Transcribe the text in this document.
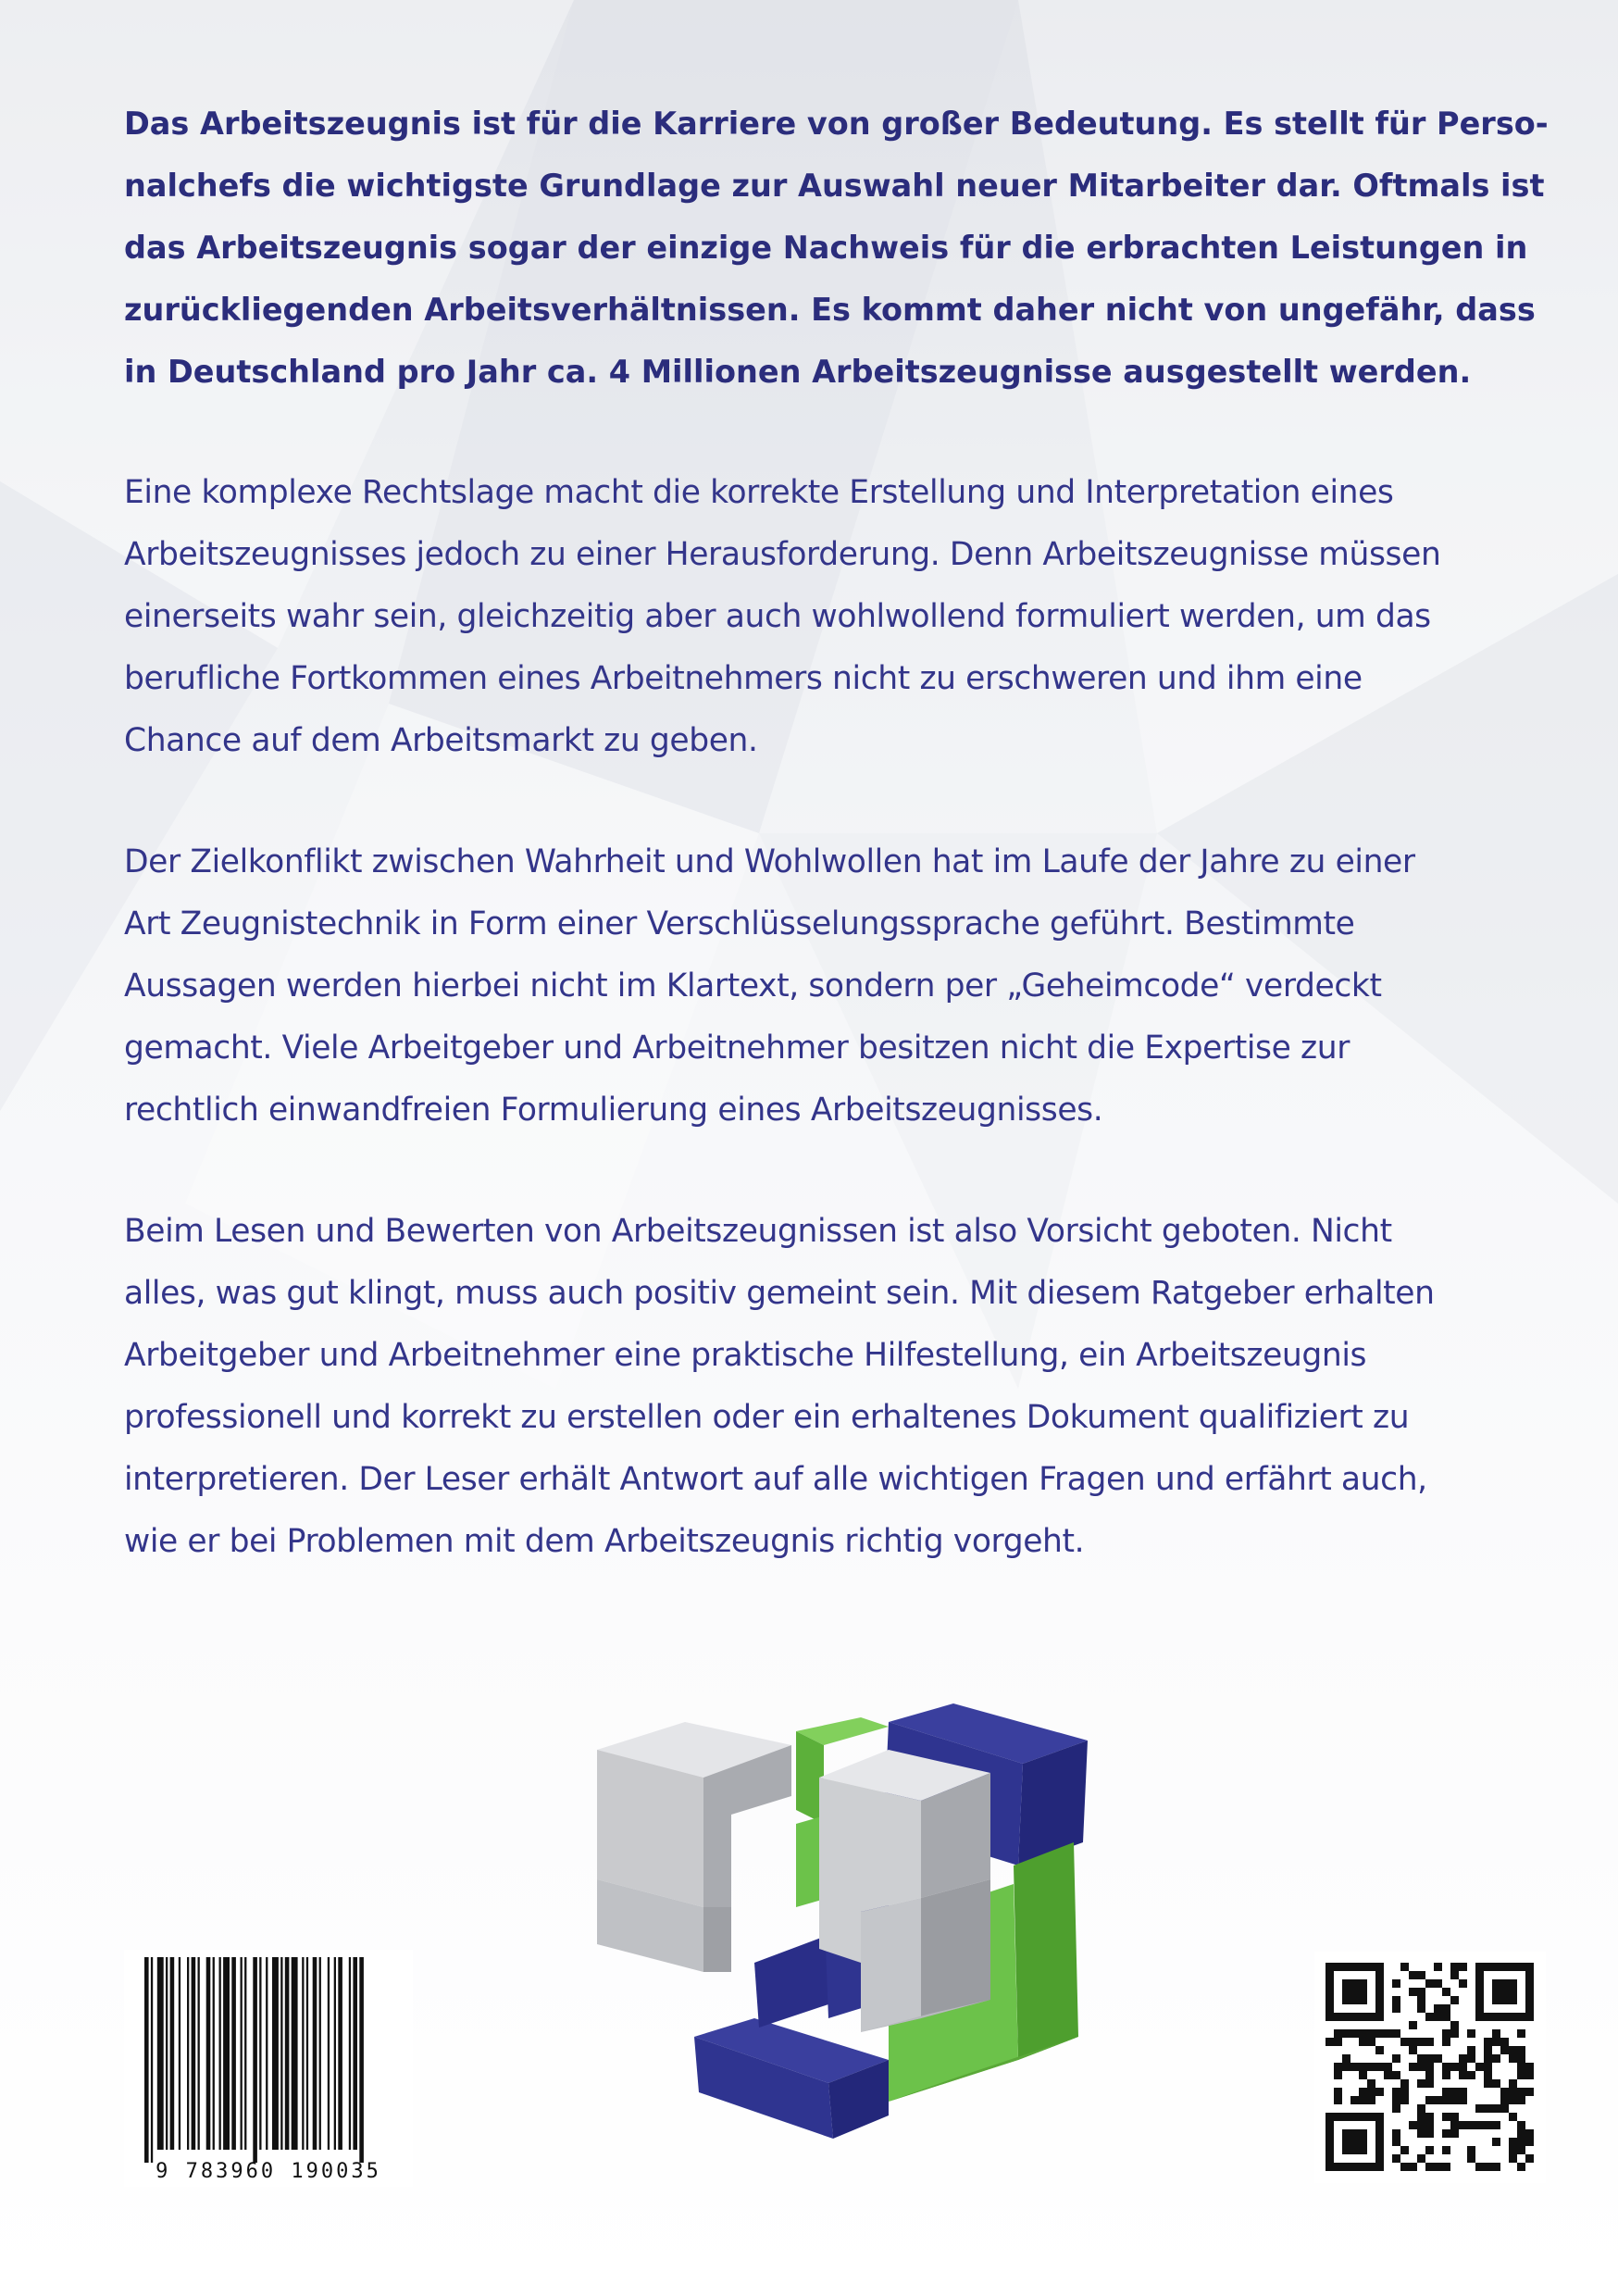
Das Arbeitszeugnis ist für die Karriere von großer Bedeutung. Es stellt für Perso-
nalchefs die wichtigste Grundlage zur Auswahl neuer Mitarbeiter dar. Oftmals ist
das Arbeitszeugnis sogar der einzige Nachweis für die erbrachten Leistungen in
zurückliegenden Arbeitsverhältnissen. Es kommt daher nicht von ungefähr, dass
in Deutschland pro Jahr ca. 4 Millionen Arbeitszeugnisse ausgestellt werden.

Eine komplexe Rechtslage macht die korrekte Erstellung und Interpretation eines
Arbeitszeugnisses jedoch zu einer Herausforderung. Denn Arbeitszeugnisse müssen
einerseits wahr sein, gleichzeitig aber auch wohlwollend formuliert werden, um das
berufliche Fortkommen eines Arbeitnehmers nicht zu erschweren und ihm eine
Chance auf dem Arbeitsmarkt zu geben.

Der Zielkonflikt zwischen Wahrheit und Wohlwollen hat im Laufe der Jahre zu einer
Art Zeugnistechnik in Form einer Verschlüsselungssprache geführt. Bestimmte
Aussagen werden hierbei nicht im Klartext, sondern per „Geheimcode“ verdeckt
gemacht. Viele Arbeitgeber und Arbeitnehmer besitzen nicht die Expertise zur
rechtlich einwandfreien Formulierung eines Arbeitszeugnisses.

Beim Lesen und Bewerten von Arbeitszeugnissen ist also Vorsicht geboten. Nicht
alles, was gut klingt, muss auch positiv gemeint sein. Mit diesem Ratgeber erhalten
Arbeitgeber und Arbeitnehmer eine praktische Hilfestellung, ein Arbeitszeugnis
professionell und korrekt zu erstellen oder ein erhaltenes Dokument qualifiziert zu
interpretieren. Der Leser erhält Antwort auf alle wichtigen Fragen und erfährt auch,
wie er bei Problemen mit dem Arbeitszeugnis richtig vorgeht.

9 783960 190035
